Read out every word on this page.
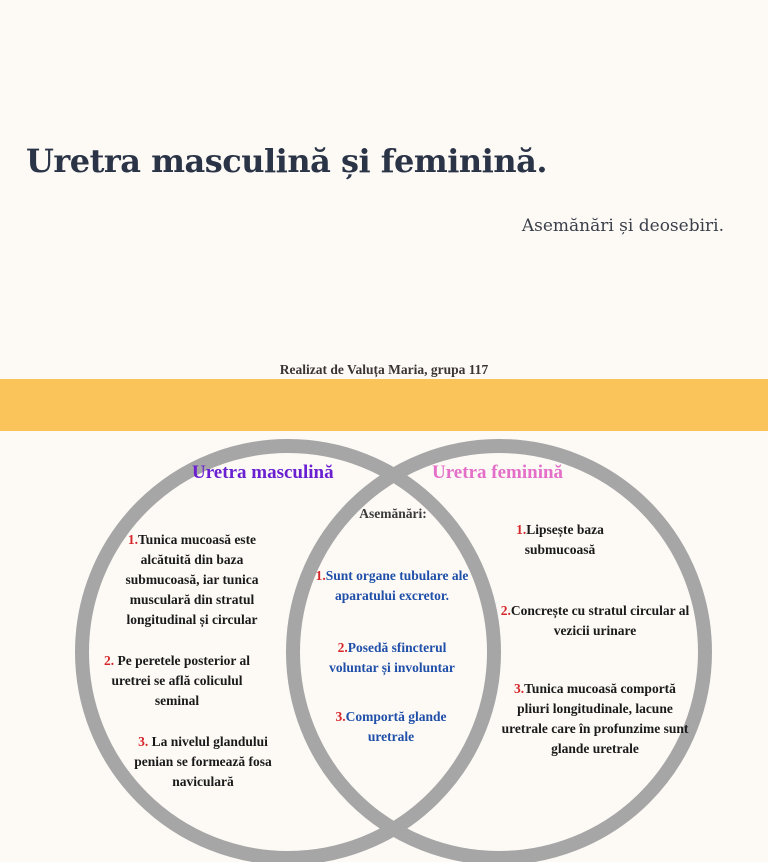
Uretra masculină și feminină.
Asemănări și deosebiri.
Realizat de Valuța Maria, grupa 117
Uretra masculină	Uretra feminină
Asemănări:
1.Tunica mucoasă este alcătuită din baza submucoasă, iar tunica musculară din stratul longitudinal și circular
2. Pe peretele posterior al uretrei se află coliculul seminal
3. La nivelul glandului penian se formează fosa naviculară
1.Sunt organe tubulare ale aparatului excretor.
2.Posedă sfincterul voluntar și involuntar
3.Comportă glande uretrale
1.Lipsește baza submucoasă
2.Concrește cu stratul circular al vezicii urinare
3.Tunica mucoasă comportă pliuri longitudinale, lacune uretrale care în profunzime sunt glande uretrale
